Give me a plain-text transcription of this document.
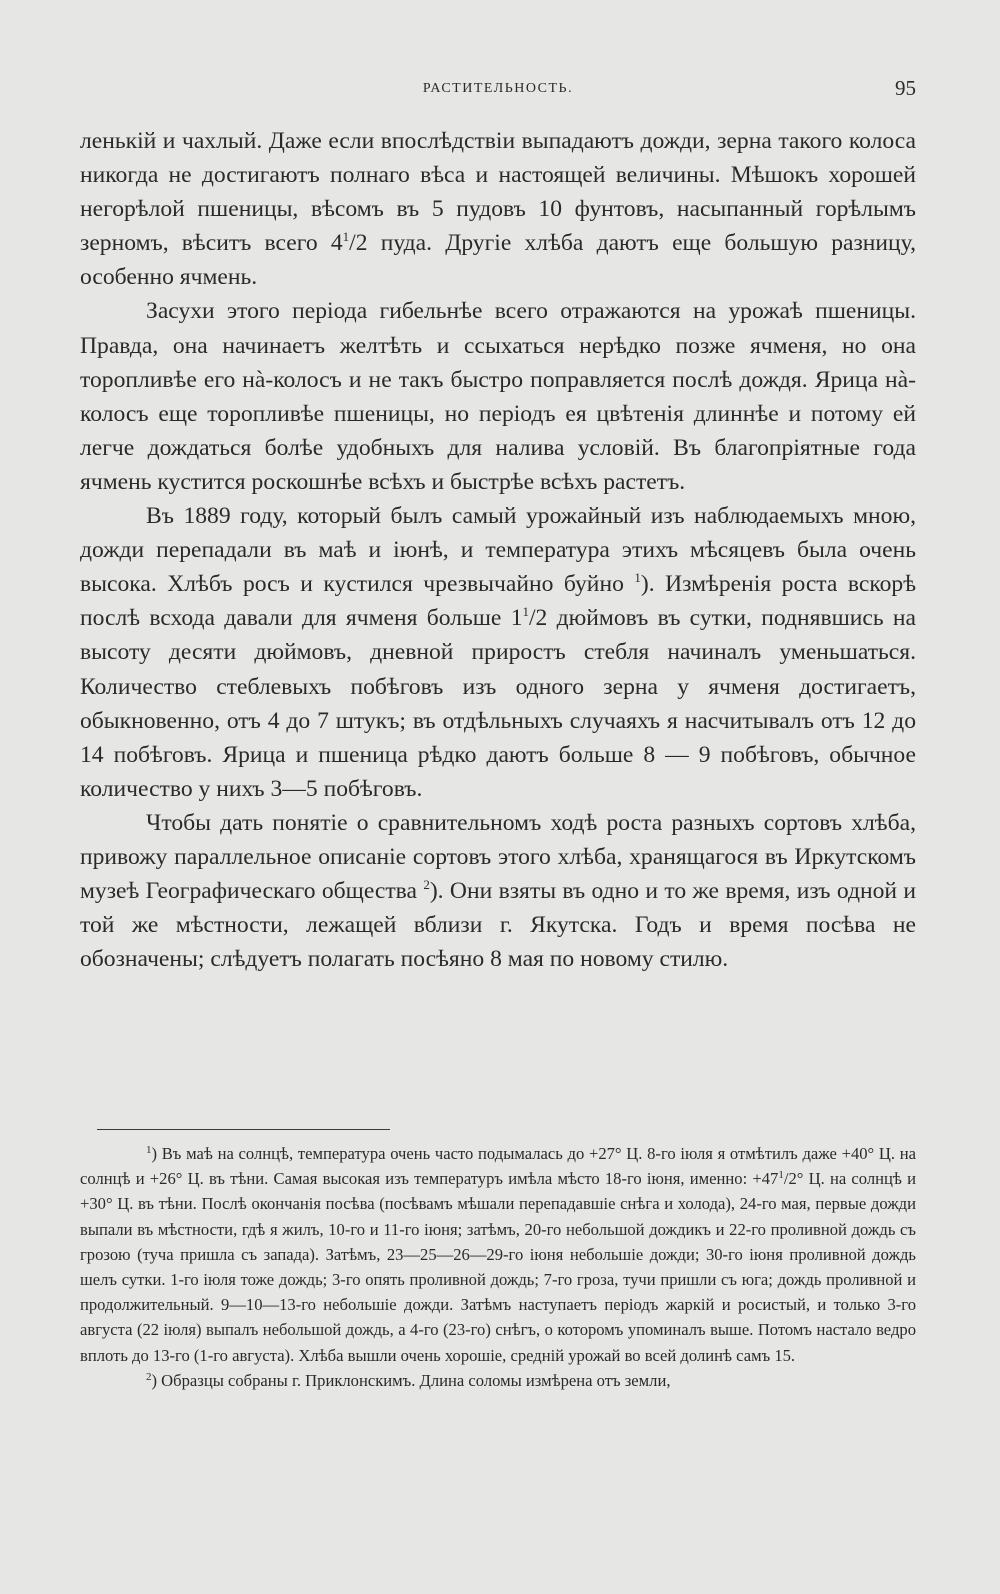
РАСТИТЕЛЬНОСТЬ.	95

ленькій и чахлый. Даже если впослѣдствіи выпадаютъ дожди, зерна такого колоса никогда не достигаютъ полнаго вѣса и настоящей величины. Мѣшокъ хорошей негорѣлой пшеницы, вѣсомъ въ 5 пудовъ 10 фунтовъ, насыпанный горѣлымъ зерномъ, вѣситъ всего $4^1/2$ пуда. Другіе хлѣба даютъ еще большую разницу, особенно ячмень.

Засухи этого періода гибельнѣе всего отражаются на урожаѣ пшеницы. Правда, она начинаетъ желтѣть и ссыхаться нерѣдко позже ячменя, но она торопливѣе его нà-колосъ и не такъ быстро поправляется послѣ дождя. Ярица нà-колосъ еще торопливѣе пшеницы, но періодъ ея цвѣтенія длиннѣе и потому ей легче дождаться болѣе удобныхъ для налива условій. Въ благопріятные года ячмень кустится роскошнѣе всѣхъ и быстрѣе всѣхъ растетъ.

Въ 1889 году, который былъ самый урожайный изъ наблюдаемыхъ мною, дожди перепадали въ маѣ и іюнѣ, и температура этихъ мѣсяцевъ была очень высока. Хлѣбъ росъ и кустился чрезвычайно буйно $^1$). Измѣренія роста вскорѣ послѣ всхода давали для ячменя больше $1^1/2$ дюймовъ въ сутки, поднявшись на высоту десяти дюймовъ, дневной приростъ стебля начиналъ уменьшаться. Количество стеблевыхъ побѣговъ изъ одного зерна у ячменя достигаетъ, обыкновенно, отъ 4 до 7 штукъ; въ отдѣльныхъ случаяхъ я насчитывалъ отъ 12 до 14 побѣговъ. Ярица и пшеница рѣдко даютъ больше 8 — 9 побѣговъ, обычное количество у нихъ 3—5 побѣговъ.

Чтобы дать понятіе о сравнительномъ ходѣ роста разныхъ сортовъ хлѣба, привожу параллельное описаніе сортовъ этого хлѣба, хранящагося въ Иркутскомъ музеѣ Географическаго общества $^2$). Они взяты въ одно и то же время, изъ одной и той же мѣстности, лежащей вблизи г. Якутска. Годъ и время посѣва не обозначены; слѣдуетъ полагать посѣяно 8 мая по новому стилю.

$^1$) Въ маѣ на солнцѣ, температура очень часто подымалась до +27° Ц. 8-го іюля я отмѣтилъ даже +40° Ц. на солнцѣ и +26° Ц. въ тѣни. Самая высокая изъ температуръ имѣла мѣсто 18-го іюня, именно: $+47^1/2^\circ$ Ц. на солнцѣ и +30° Ц. въ тѣни. Послѣ окончанія посѣва (посѣвамъ мѣшали перепадавшіе снѣга и холода), 24-го мая, первые дожди выпали въ мѣстности, гдѣ я жилъ, 10-го и 11-го іюня; затѣмъ, 20-го небольшой дождикъ и 22-го проливной дождь съ грозою (туча пришла съ запада). Затѣмъ, 23—25—26—29-го іюня небольшіе дожди; 30-го іюня проливной дождь шелъ сутки. 1-го іюля тоже дождь; 3-го опять проливной дождь; 7-го гроза, тучи пришли съ юга; дождь проливной и продолжительный. 9—10—13-го небольшіе дожди. Затѣмъ наступаетъ періодъ жаркій и росистый, и только 3-го августа (22 іюля) выпалъ небольшой дождь, а 4-го (23-го) снѣгъ, о которомъ упоминалъ выше. Потомъ настало ведро вплоть до 13-го (1-го августа). Хлѣба вышли очень хорошіе, средній урожай во всей долинѣ самъ 15.

$^2$) Образцы собраны г. Приклонскимъ. Длина соломы измѣрена отъ земли,
